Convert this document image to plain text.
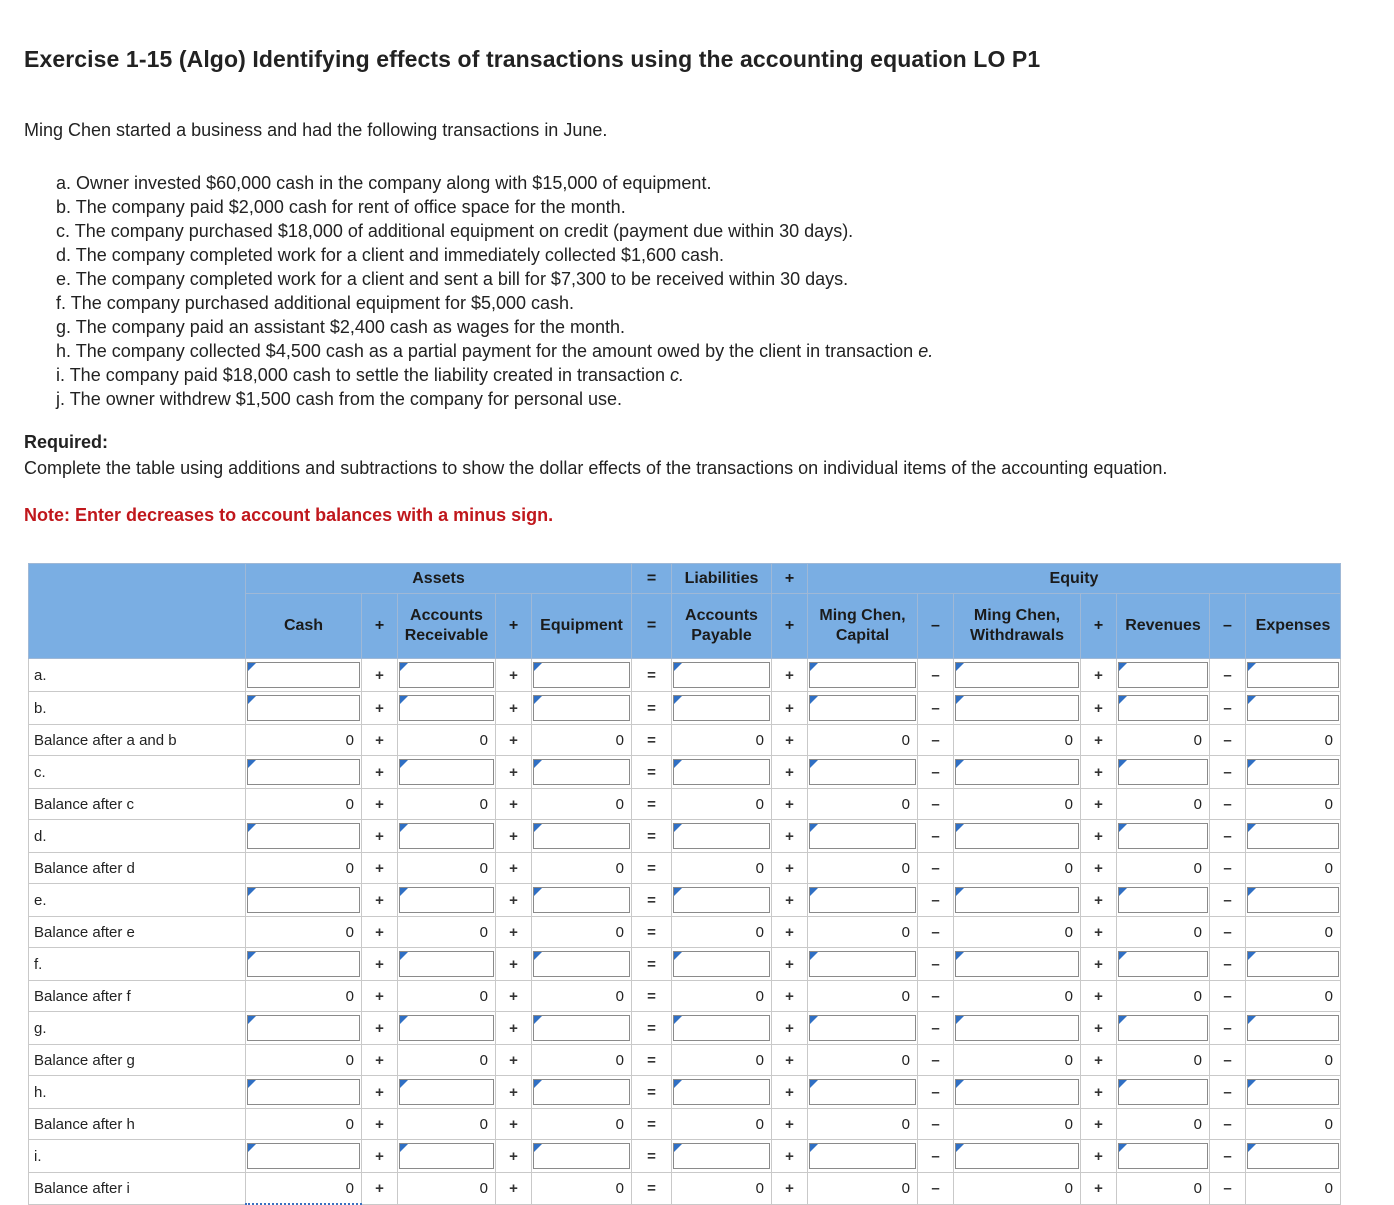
Exercise 1-15 (Algo) Identifying effects of transactions using the accounting equation LO P1

Ming Chen started a business and had the following transactions in June.

a. Owner invested $60,000 cash in the company along with $15,000 of equipment.
b. The company paid $2,000 cash for rent of office space for the month.
c. The company purchased $18,000 of additional equipment on credit (payment due within 30 days).
d. The company completed work for a client and immediately collected $1,600 cash.
e. The company completed work for a client and sent a bill for $7,300 to be received within 30 days.
f. The company purchased additional equipment for $5,000 cash.
g. The company paid an assistant $2,400 cash as wages for the month.
h. The company collected $4,500 cash as a partial payment for the amount owed by the client in transaction e.
i. The company paid $18,000 cash to settle the liability created in transaction c.
j. The owner withdrew $1,500 cash from the company for personal use.

Required:

Complete the table using additions and subtractions to show the dollar effects of the transactions on individual items of the accounting equation.

Note: Enter decreases to account balances with a minus sign.

	Assets					=	Liabilities	+	Equity						
	Cash	+	Accounts Receivable	+	Equipment	=	Accounts Payable	+	Ming Chen, Capital	–	Ming Chen, Withdrawals	+	Revenues	–	Expenses
a.		+		+		=		+		–		+		–	

b.		+		+		=		+		–		+		–	

Balance after a and b	0	+	0	+	0	=	0	+	0	–	0	+	0	–	0
c.		+		+		=		+		–		+		–	

Balance after c	0	+	0	+	0	=	0	+	0	–	0	+	0	–	0
d.		+		+		=		+		–		+		–	

Balance after d	0	+	0	+	0	=	0	+	0	–	0	+	0	–	0
e.		+		+		=		+		–		+		–	

Balance after e	0	+	0	+	0	=	0	+	0	–	0	+	0	–	0
f.		+		+		=		+		–		+		–	

Balance after f	0	+	0	+	0	=	0	+	0	–	0	+	0	–	0
g.		+		+		=		+		–		+		–	

Balance after g	0	+	0	+	0	=	0	+	0	–	0	+	0	–	0
h.		+		+		=		+		–		+		–	

Balance after h	0	+	0	+	0	=	0	+	0	–	0	+	0	–	0
i.		+		+		=		+		–		+		–	

Balance after i	0	+	0	+	0	=	0	+	0	–	0	+	0	–	0
